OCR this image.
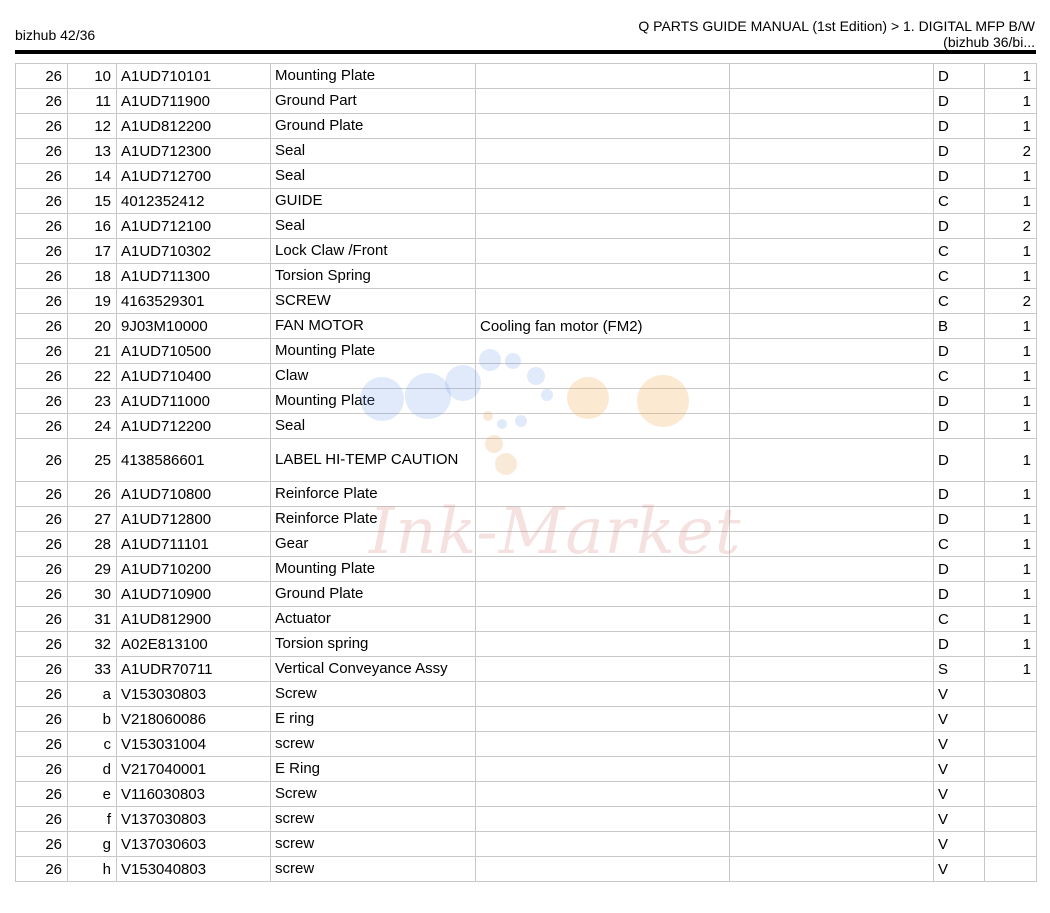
bizhub 42/36
Q PARTS GUIDE MANUAL (1st Edition) > 1. DIGITAL MFP B/W
(bizhub 36/bi...
26	10	A1UD710101	Mounting Plate			D	1
26	11	A1UD711900	Ground Part			D	1
26	12	A1UD812200	Ground Plate			D	1
26	13	A1UD712300	Seal			D	2
26	14	A1UD712700	Seal			D	1
26	15	4012352412	GUIDE			C	1
26	16	A1UD712100	Seal			D	2
26	17	A1UD710302	Lock Claw /Front			C	1
26	18	A1UD711300	Torsion Spring			C	1
26	19	4163529301	SCREW			C	2
26	20	9J03M10000	FAN MOTOR	Cooling fan motor (FM2)		B	1
26	21	A1UD710500	Mounting Plate			D	1
26	22	A1UD710400	Claw			C	1
26	23	A1UD711000	Mounting Plate			D	1
26	24	A1UD712200	Seal			D	1
26	25	4138586601	LABEL HI-TEMP CAUTION			D	1
26	26	A1UD710800	Reinforce Plate			D	1
26	27	A1UD712800	Reinforce Plate			D	1
26	28	A1UD711101	Gear			C	1
26	29	A1UD710200	Mounting Plate			D	1
26	30	A1UD710900	Ground Plate			D	1
26	31	A1UD812900	Actuator			C	1
26	32	A02E813100	Torsion spring			D	1
26	33	A1UDR70711	Vertical Conveyance Assy			S	1
26	a	V153030803	Screw			V	
26	b	V218060086	E ring			V	
26	c	V153031004	screw			V	
26	d	V217040001	E Ring			V	
26	e	V116030803	Screw			V	
26	f	V137030803	screw			V	
26	g	V137030603	screw			V	
26	h	V153040803	screw			V	
Ink-Market
